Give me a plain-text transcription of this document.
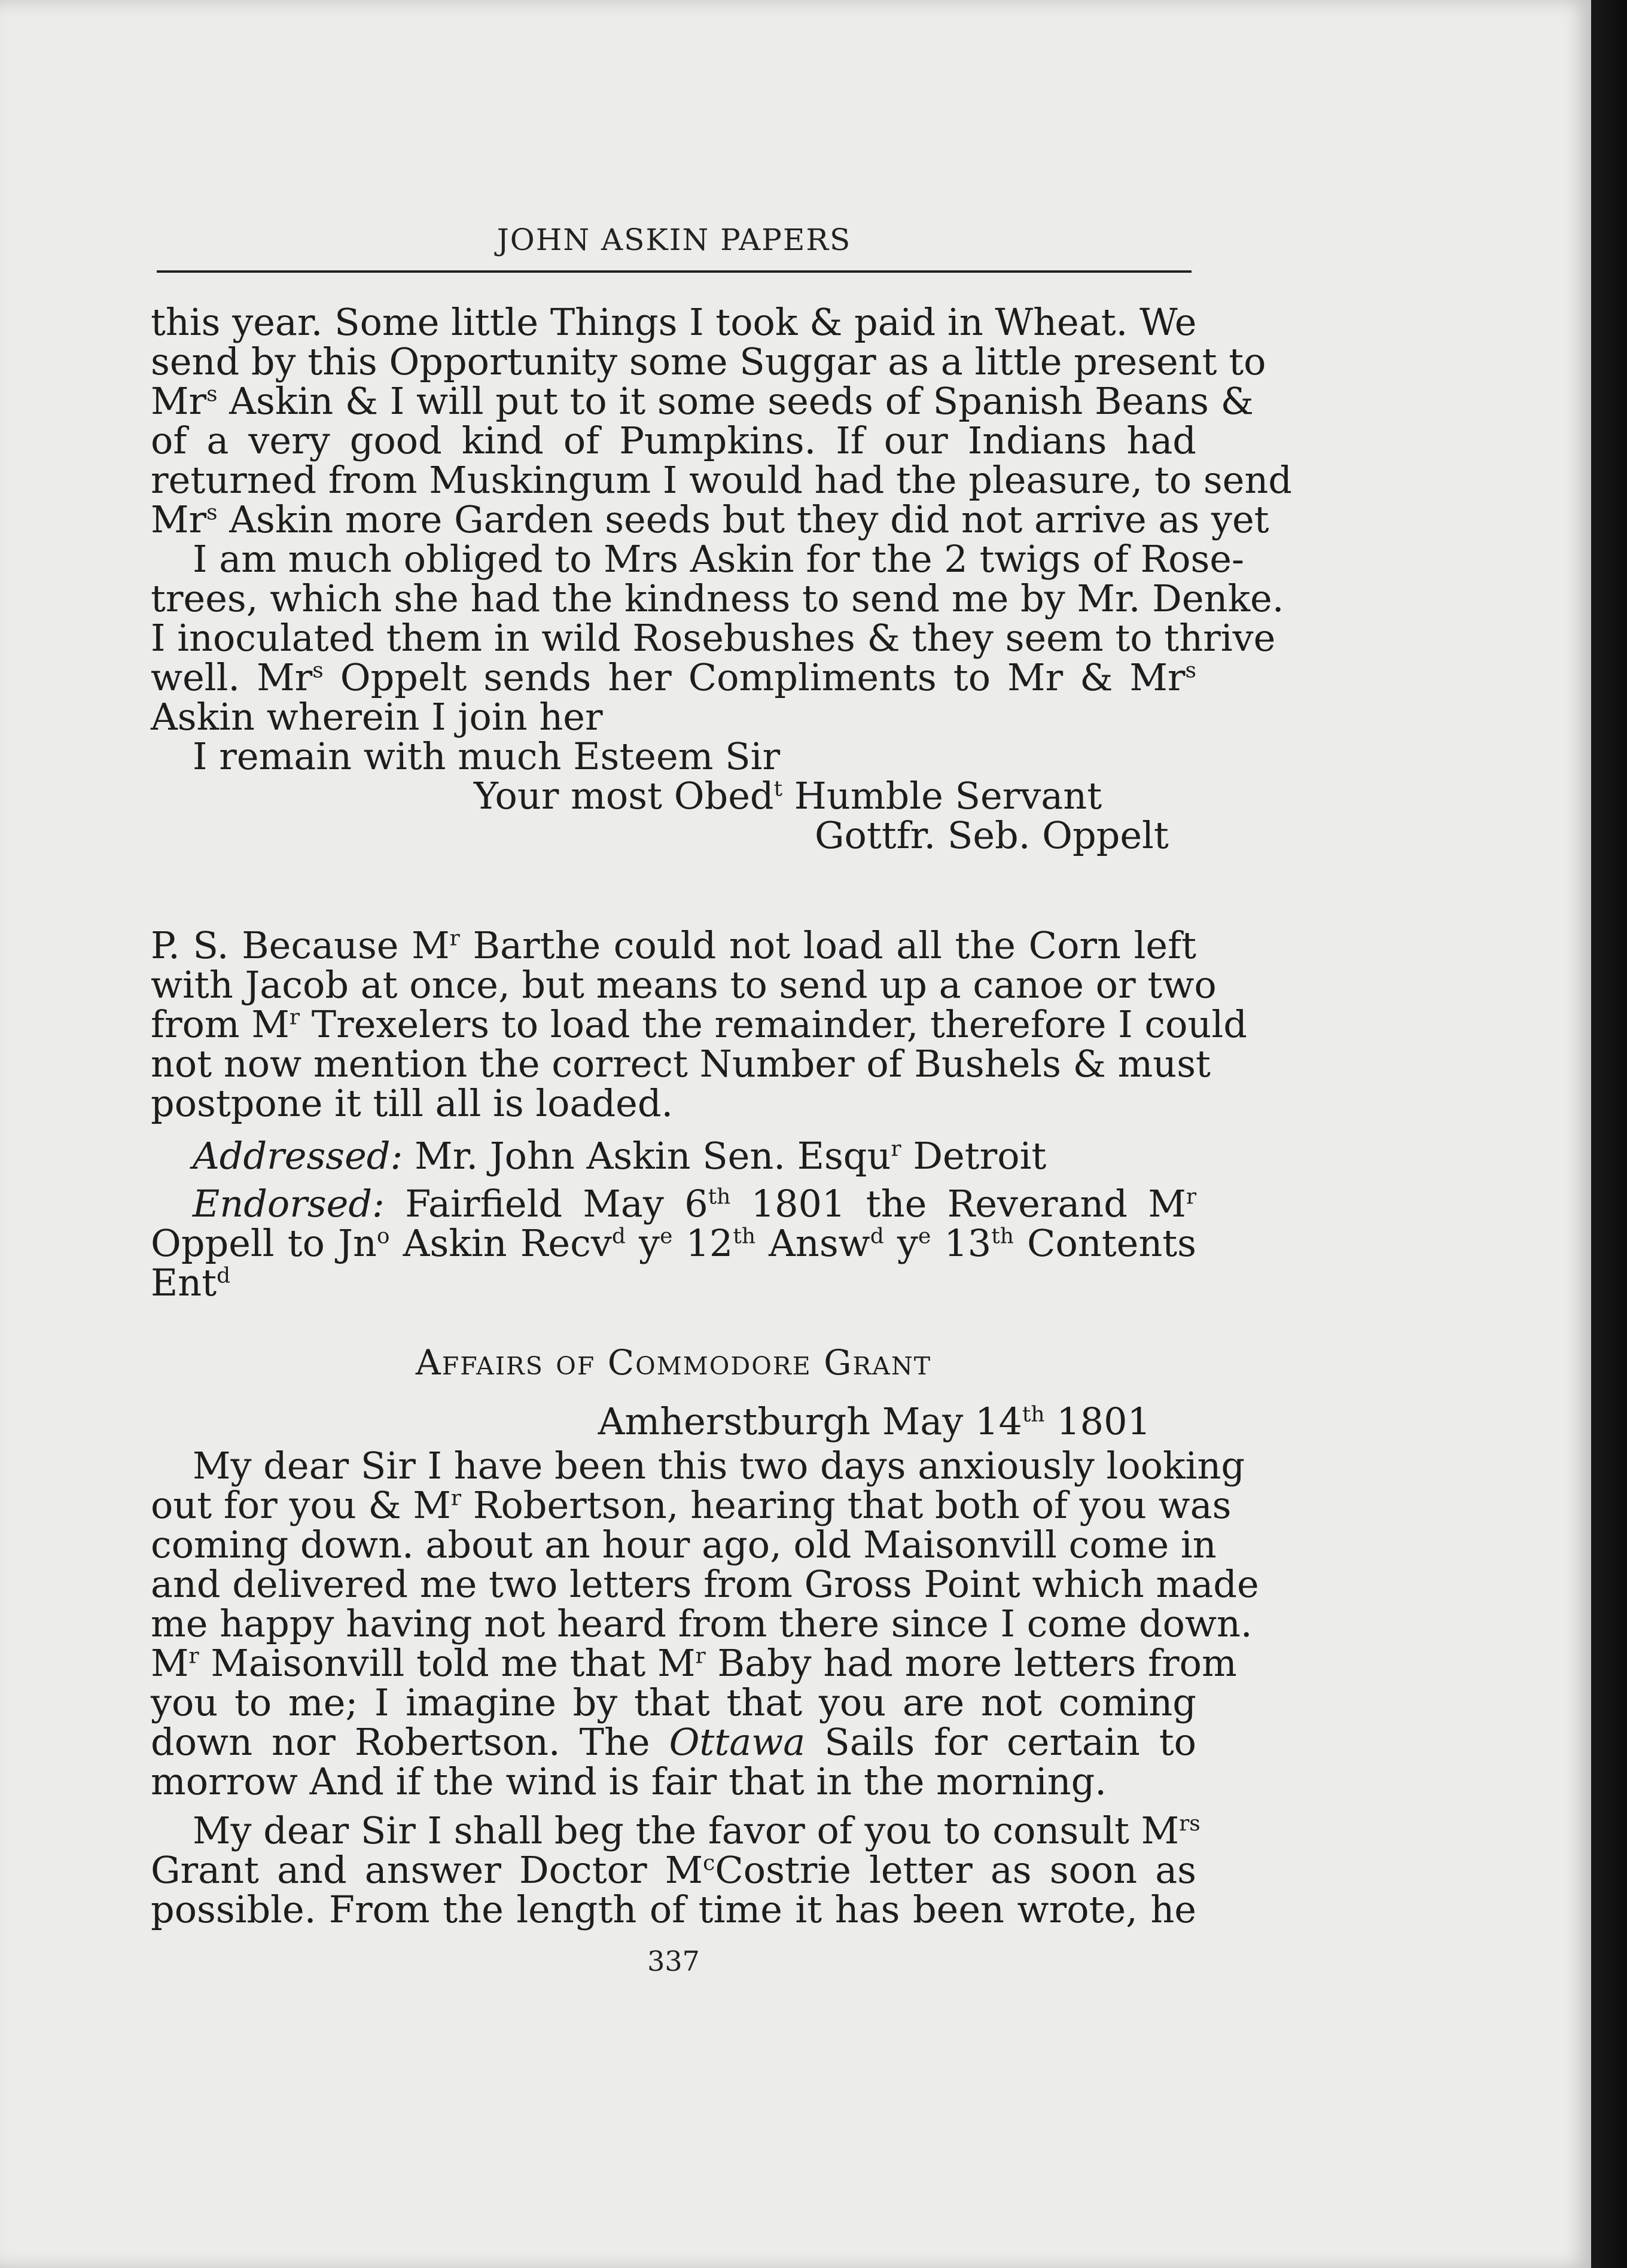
JOHN ASKIN PAPERS
this year. Some little Things I took & paid in Wheat. We
send by this Opportunity some Suggar as a little present to
Mr$^s$ Askin & I will put to it some seeds of Spanish Beans &
of a very good kind of Pumpkins. If our Indians had
returned from Muskingum I would had the pleasure, to send
Mr$^s$ Askin more Garden seeds but they did not arrive as yet
I am much obliged to Mrs Askin for the 2 twigs of Rose-
trees, which she had the kindness to send me by Mr. Denke.
I inoculated them in wild Rosebushes & they seem to thrive
well. Mr$^s$ Oppelt sends her Compliments to Mr & Mr$^s$
Askin wherein I join her
I remain with much Esteem Sir
Your most Obed$^t$ Humble Servant
Gottfr. Seb. Oppelt
P. S. Because $M^r$ Barthe could not load all the Corn left
with Jacob at once, but means to send up a canoe or two
from $M^r$ Trexelers to load the remainder, therefore I could
not now mention the correct Number of Bushels & must
postpone it till all is loaded.
Addressed: Mr. John Askin Sen. Esqu$^r$ Detroit
Endorsed: Fairfield May 6th 1801 the Reverand $M^r$
Oppell to Jn$^o$ Askin Recv$^d$ $y^e$ 12th Answ$^d$ $y^e$ 13th Contents
Ent$^d$
Affairs of Commodore Grant
Amherstburgh May 14th 1801
My dear Sir I have been this two days anxiously looking
out for you & $M^r$ Robertson, hearing that both of you was
coming down. about an hour ago, old Maisonvill come in
and delivered me two letters from Gross Point which made
me happy having not heard from there since I come down.
$M^r$ Maisonvill told me that $M^r$ Baby had more letters from
you to me; I imagine by that that you are not coming
down nor Robertson. The Ottawa Sails for certain to
morrow And if the wind is fair that in the morning.
My dear Sir I shall beg the favor of you to consult $M^{rs}$
Grant and answer Doctor $M^cCostrie$ letter as soon as
possible. From the length of time it has been wrote, he
337
